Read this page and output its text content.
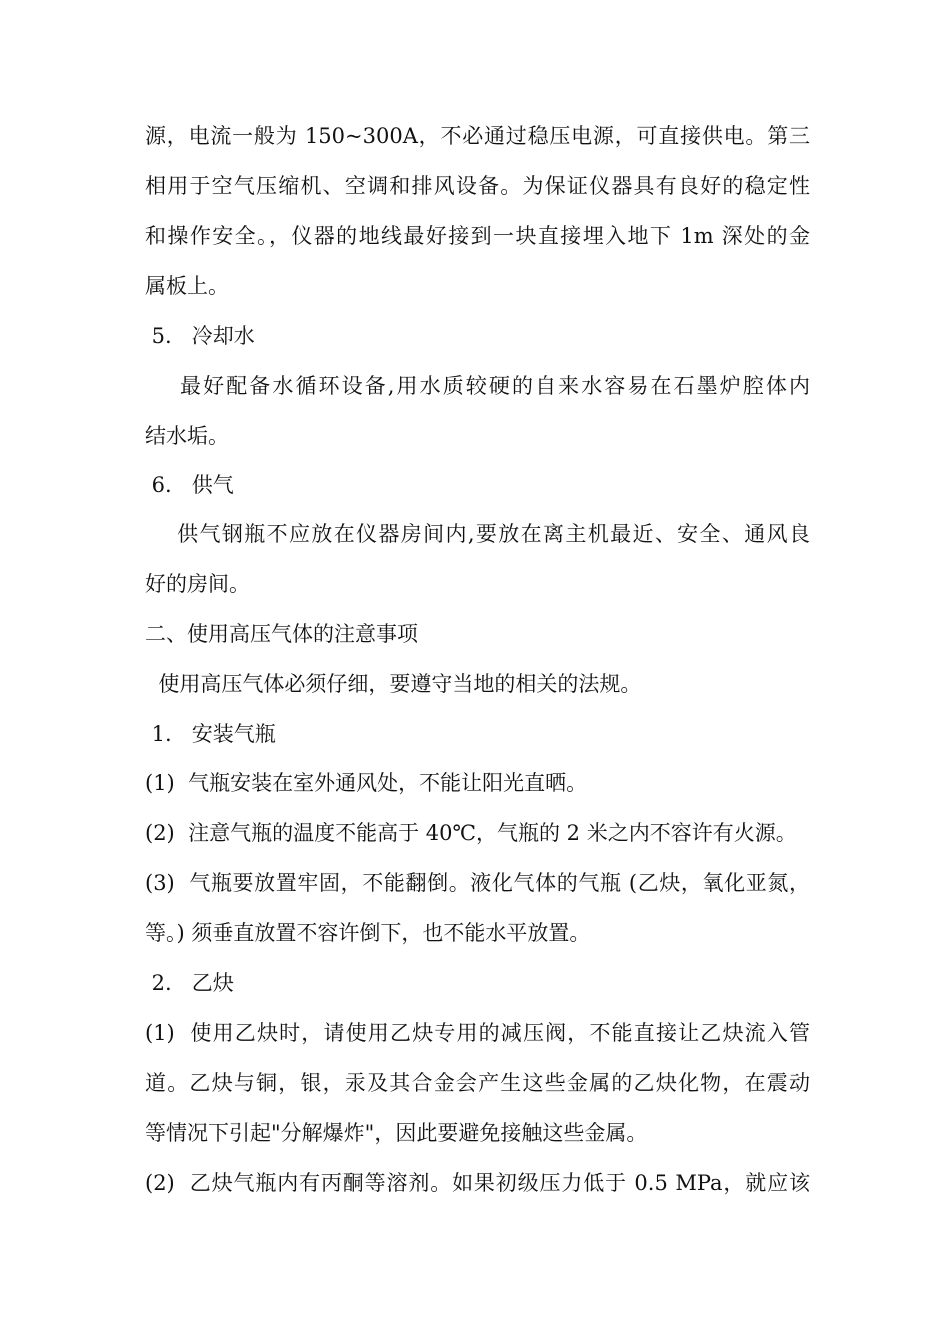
源，电流一般为 150~300A，不必通过稳压电源，可直接供电。第三
相用于空气压缩机、空调和排风设备。为保证仪器具有良好的稳定性
和操作安全。，仪器的地线最好接到一块直接埋入地下 1m 深处的金
属板上。
5.   冷却水
最好配备水循环设备,用水质较硬的自来水容易在石墨炉腔体内
结水垢。
6.   供气
供气钢瓶不应放在仪器房间内,要放在离主机最近、安全、通风良
好的房间。
二、使用高压气体的注意事项
使用高压气体必须仔细，要遵守当地的相关的法规。
1.   安装气瓶
(1)  气瓶安装在室外通风处，不能让阳光直晒。
(2)  注意气瓶的温度不能高于 40℃，气瓶的 2 米之内不容许有火源。
(3)  气瓶要放置牢固，不能翻倒。液化气体的气瓶 (乙炔，氧化亚氮，
等。) 须垂直放置不容许倒下，也不能水平放置。
2.   乙炔
(1)  使用乙炔时，请使用乙炔专用的减压阀，不能直接让乙炔流入管
道。乙炔与铜，银，汞及其合金会产生这些金属的乙炔化物，在震动
等情况下引起"分解爆炸"，因此要避免接触这些金属。
(2)  乙炔气瓶内有丙酮等溶剂。如果初级压力低于 0.5 MPa，就应该
